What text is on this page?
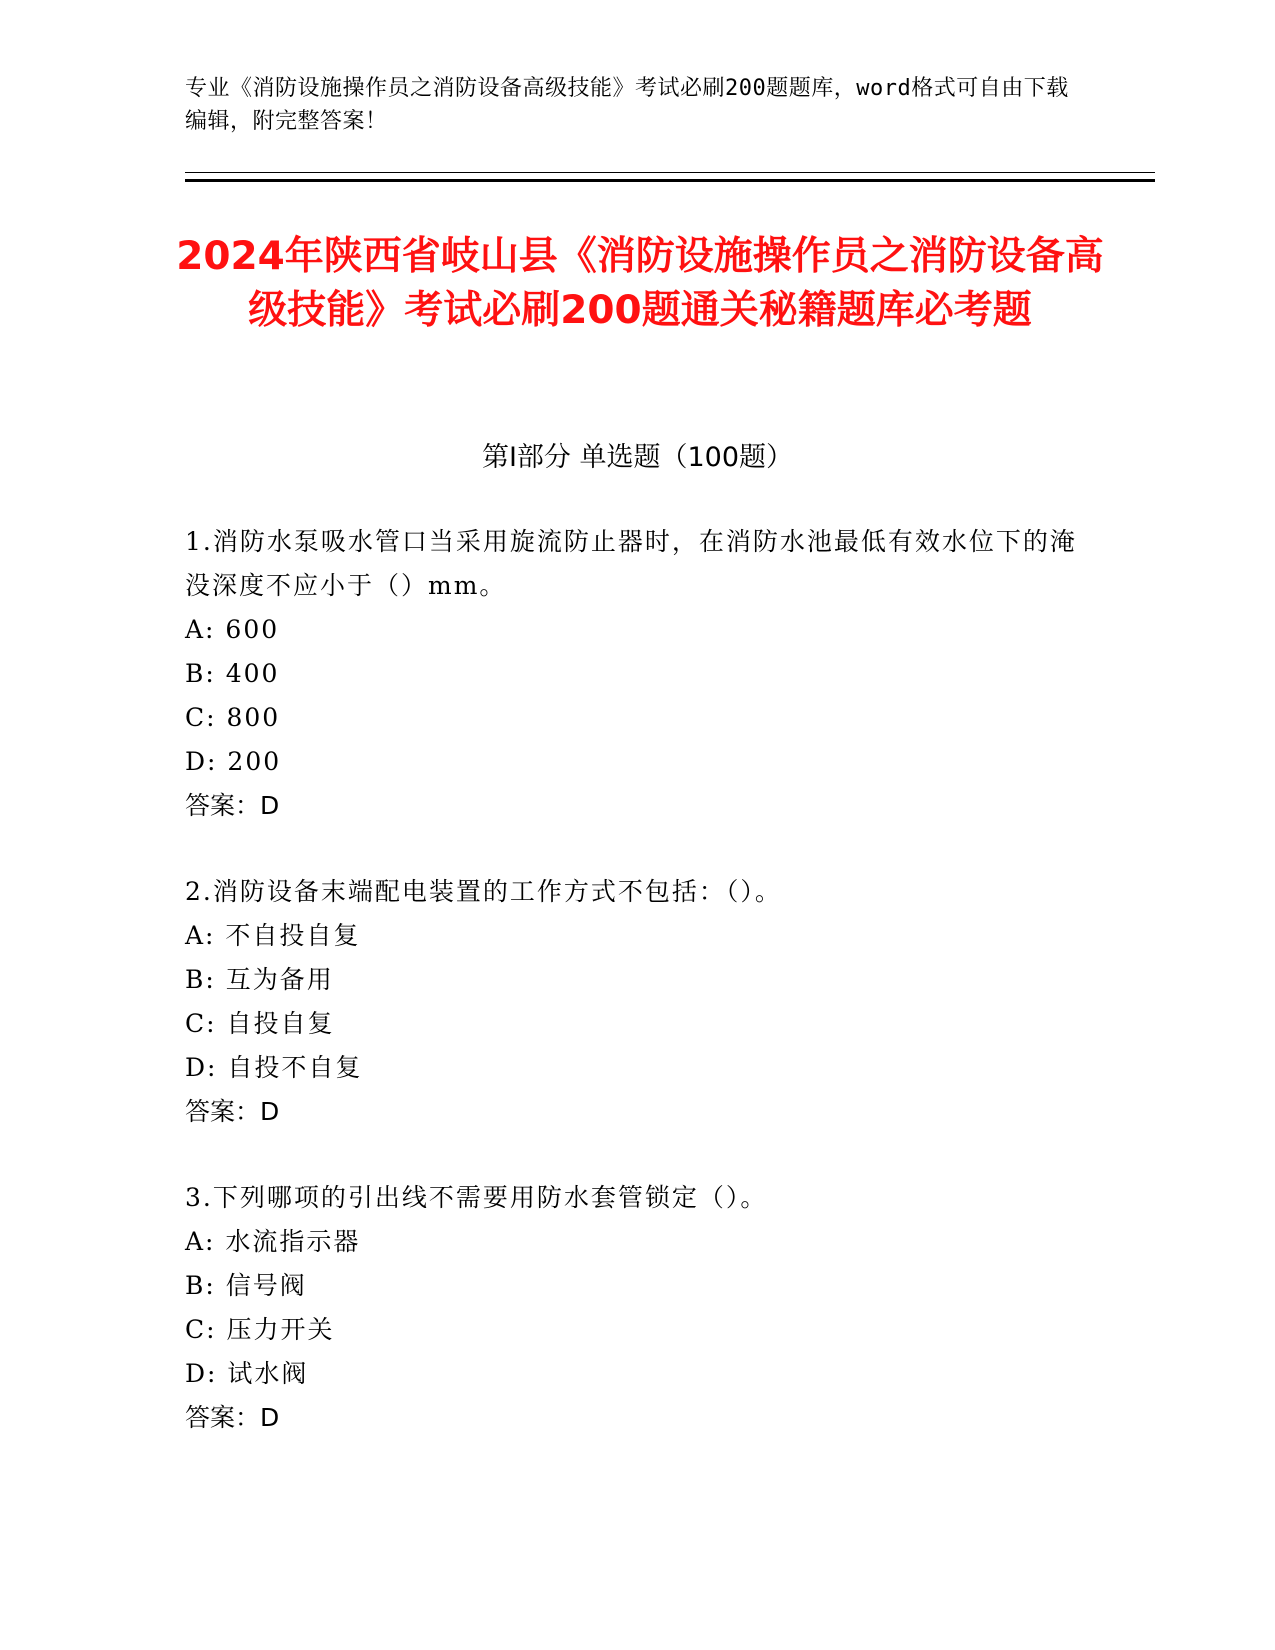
专业《消防设施操作员之消防设备高级技能》考试必刷200题题库，word格式可自由下载编辑，附完整答案！
2024年陕西省岐山县《消防设施操作员之消防设备高级技能》考试必刷200题通关秘籍题库必考题
第I部分 单选题（100题）
1.消防水泵吸水管口当采用旋流防止器时，在消防水池最低有效水位下的淹没深度不应小于（）mm。
A: 600
B: 400
C: 800
D: 200
答案：D
2.消防设备末端配电装置的工作方式不包括：（）。
A: 不自投自复
B: 互为备用
C: 自投自复
D: 自投不自复
答案：D
3.下列哪项的引出线不需要用防水套管锁定（）。
A: 水流指示器
B: 信号阀
C: 压力开关
D: 试水阀
答案：D
